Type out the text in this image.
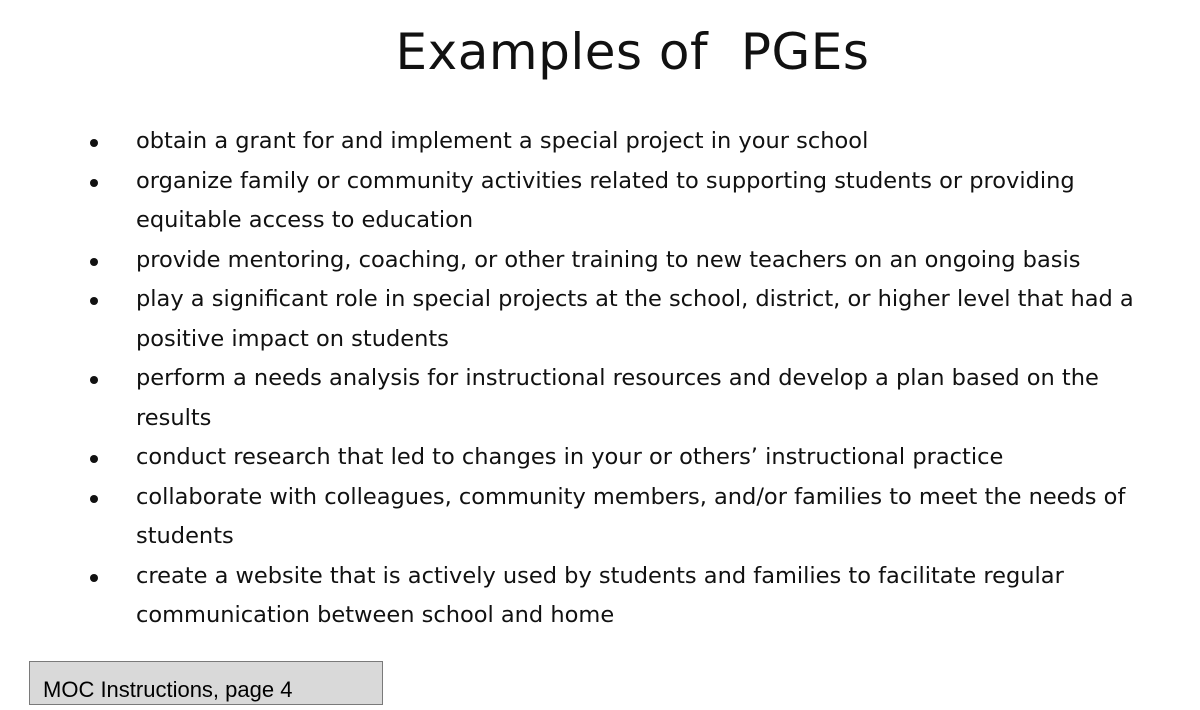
Examples of  PGEs
obtain a grant for and implement a special project in your school
organize family or community activities related to supporting students or providing equitable access to education
provide mentoring, coaching, or other training to new teachers on an ongoing basis
play a significant role in special projects at the school, district, or higher level that had a positive impact on students
perform a needs analysis for instructional resources and develop a plan based on the results
conduct research that led to changes in your or others’ instructional practice
collaborate with colleagues, community members, and/or families to meet the needs of students
create a website that is actively used by students and families to facilitate regular communication between school and home
MOC Instructions, page 4
